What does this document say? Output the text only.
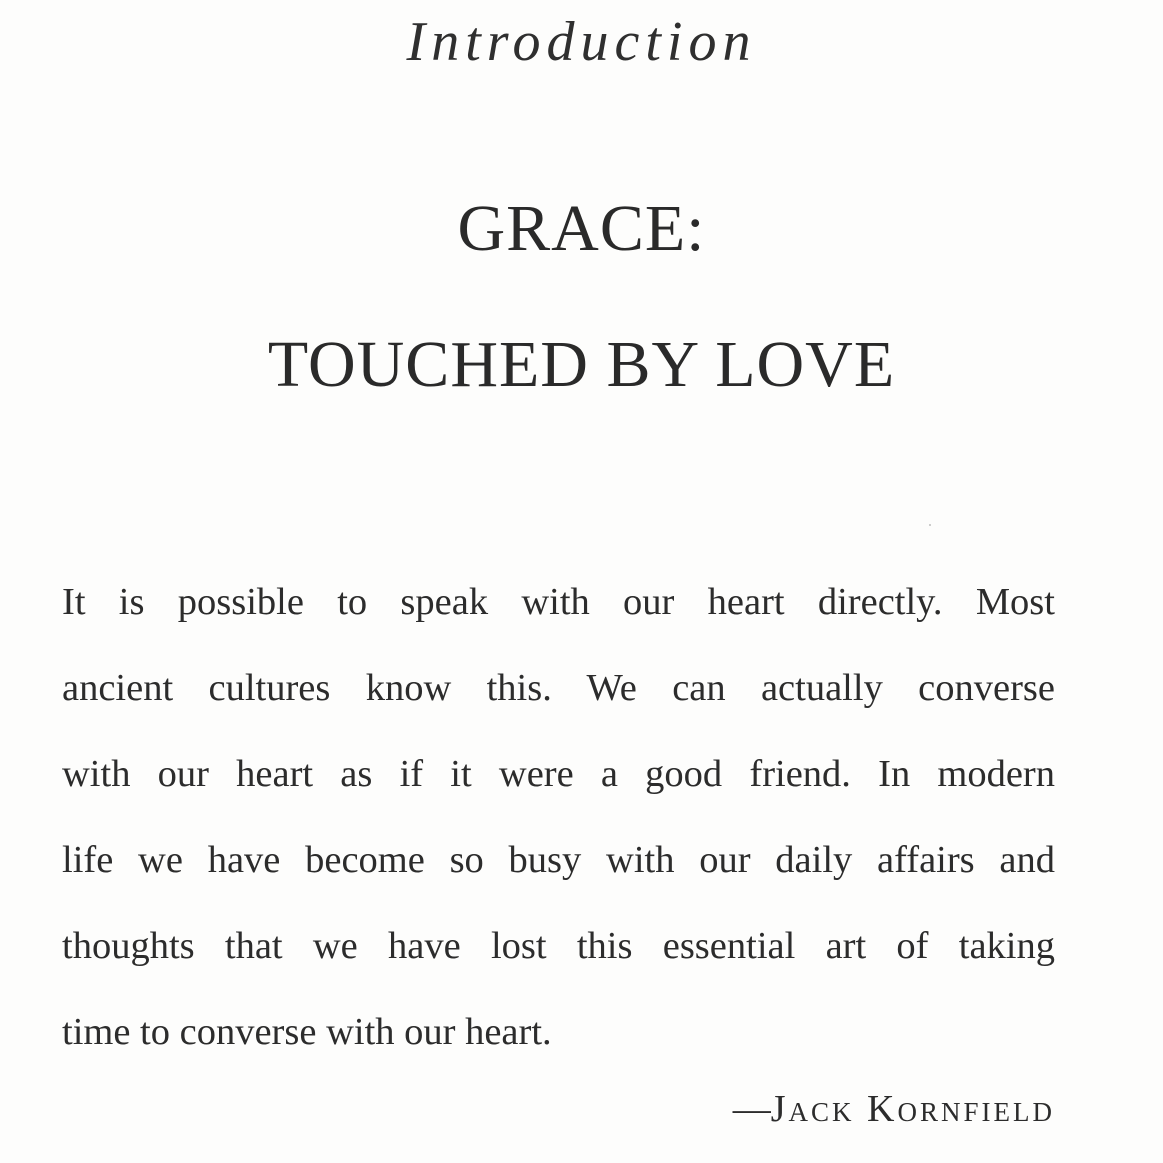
Introduction
GRACE:
TOUCHED BY LOVE
It is possible to speak with our heart directly. Most
ancient cultures know this. We can actually converse
with our heart as if it were a good friend. In modern
life we have become so busy with our daily affairs and
thoughts that we have lost this essential art of taking
time to converse with our heart.
—Jack Kornfield
